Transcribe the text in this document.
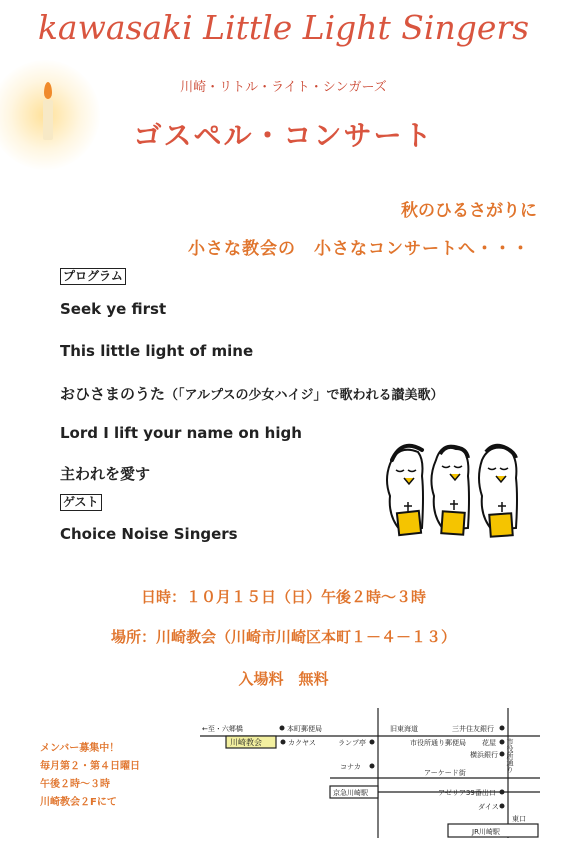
kawasaki Little Light Singers
川崎・リトル・ライト・シンガーズ
ゴスペル・コンサート
秋のひるさがりに
小さな教会の　小さなコンサートへ・・・
プログラム
Seek ye first
This little light of mine
おひさまのうた（「アルプスの少女ハイジ」で歌われる讃美歌）
Lord I lift your name on high
主われを愛す
ゲスト
Choice Noise Singers
日時：１０月１５日（日）午後２時～３時
場所：川崎教会（川崎市川崎区本町１－４－１３）
入場料　無料
メンバー募集中！
毎月第２・第４日曜日
午後２時～３時
川崎教会２Fにて
←至・六郷橋	本町郵便局
川崎教会	カクヤス	ランプ亭
コナカ
旧東海道	三井住友銀行
市役所通り郵便局 花屋
横浜銀行 市役所通り
アーケード街
京急川崎駅	アゼリア39番出口
ダイス
東口
JR川崎駅
